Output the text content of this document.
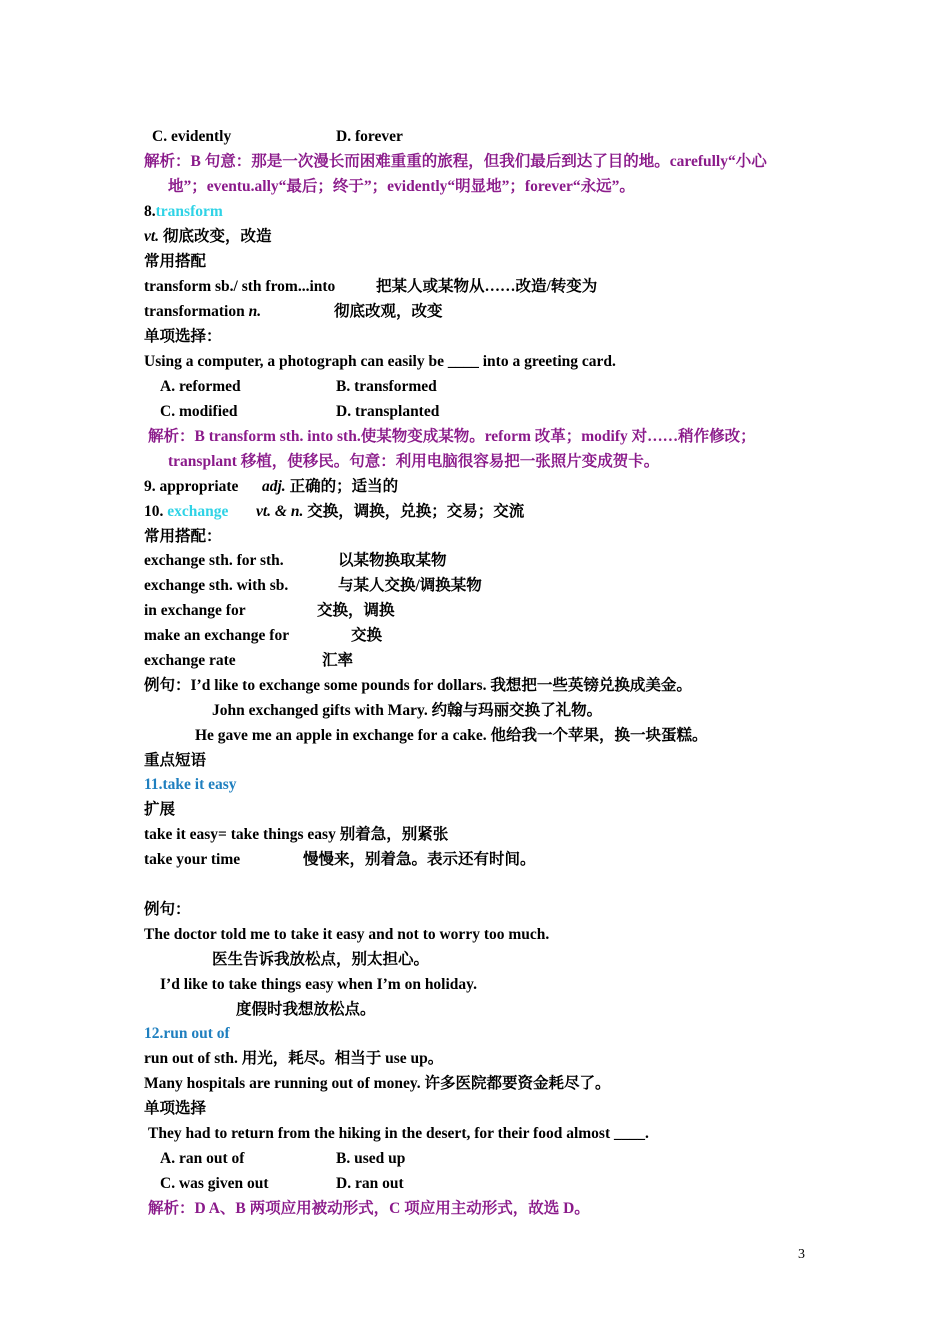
C. evidently	D. forever
解析：B 句意：那是一次漫长而困难重重的旅程，但我们最后到达了目的地。carefully“小心
地”；eventu.ally“最后；终于”；evidently“明显地”；forever“永远”。
8.transform
vt. 彻底改变，改造
常用搭配
transform sb./ sth from...into	把某人或某物从……改造/转变为
transformation n.	彻底改观，改变
单项选择：
Using a computer, a photograph can easily be ____ into a greeting card.
A. reformed	B. transformed
C. modified	D. transplanted
解析：B transform sth. into sth.使某物变成某物。reform 改革；modify 对……稍作修改；
transplant 移植，使移民。句意：利用电脑很容易把一张照片变成贺卡。
9. appropriate adj. 正确的；适当的
10. exchange vt. & n. 交换，调换，兑换；交易；交流
常用搭配：
exchange sth. for sth.	以某物换取某物
exchange sth. with sb.	与某人交换/调换某物
in exchange for	交换，调换
make an exchange for	交换
exchange rate	汇率
例句：I’d like to exchange some pounds for dollars. 我想把一些英镑兑换成美金。
John exchanged gifts with Mary. 约翰与玛丽交换了礼物。
He gave me an apple in exchange for a cake. 他给我一个苹果，换一块蛋糕。
重点短语
11.take it easy
扩展
take it easy= take things easy 别着急，别紧张
take your time	慢慢来，别着急。表示还有时间。
例句：
The doctor told me to take it easy and not to worry too much.
医生告诉我放松点，别太担心。
I’d like to take things easy when I’m on holiday.
度假时我想放松点。
12.run out of
run out of sth. 用光，耗尽。相当于 use up。
Many hospitals are running out of money. 许多医院都要资金耗尽了。
单项选择
They had to return from the hiking in the desert, for their food almost ____.
A. ran out of	B. used up
C. was given out	D. ran out
解析：D A、B 两项应用被动形式，C 项应用主动形式，故选 D。
3
